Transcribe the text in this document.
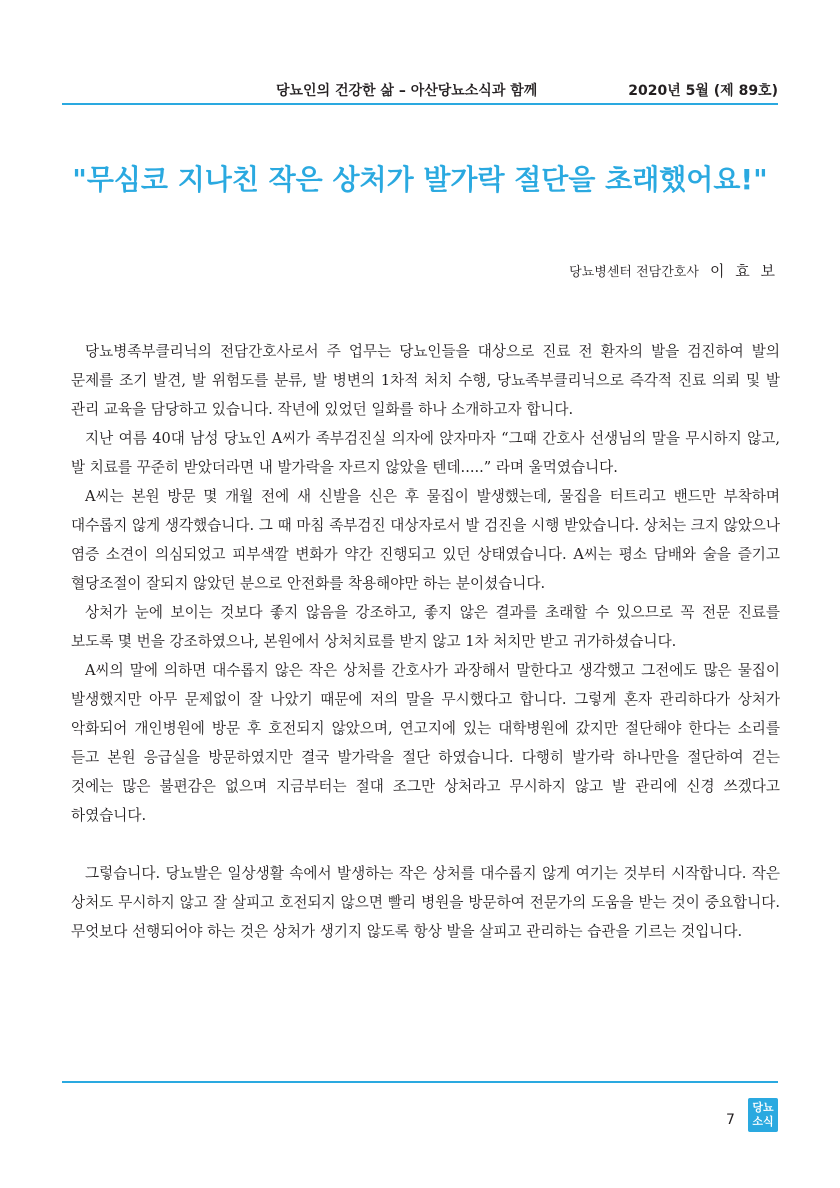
당뇨인의 건강한 삶 – 아산당뇨소식과 함께	2020년 5월 (제 89호)
"무심코 지나친 작은 상처가 발가락 절단을 초래했어요!"
당뇨병센터 전담간호사 이 효 보

당뇨병족부클리닉의 전담간호사로서 주 업무는 당뇨인들을 대상으로 진료 전 환자의 발을 검진하여 발의 문제를 조기 발견, 발 위험도를 분류, 발 병변의 1차적 처치 수행, 당뇨족부클리닉으로 즉각적 진료 의뢰 및 발 관리 교육을 담당하고 있습니다. 작년에 있었던 일화를 하나 소개하고자 합니다.

지난 여름 40대 남성 당뇨인 A씨가 족부검진실 의자에 앉자마자 “그때 간호사 선생님의 말을 무시하지 않고, 발 치료를 꾸준히 받았더라면 내 발가락을 자르지 않았을 텐데.....” 라며 울먹였습니다.

A씨는 본원 방문 몇 개월 전에 새 신발을 신은 후 물집이 발생했는데, 물집을 터트리고 밴드만 부착하며 대수롭지 않게 생각했습니다. 그 때 마침 족부검진 대상자로서 발 검진을 시행 받았습니다. 상처는 크지 않았으나 염증 소견이 의심되었고 피부색깔 변화가 약간 진행되고 있던 상태였습니다. A씨는 평소 담배와 술을 즐기고 혈당조절이 잘되지 않았던 분으로 안전화를 착용해야만 하는 분이셨습니다.

상처가 눈에 보이는 것보다 좋지 않음을 강조하고, 좋지 않은 결과를 초래할 수 있으므로 꼭 전문 진료를 보도록 몇 번을 강조하였으나, 본원에서 상처치료를 받지 않고 1차 처치만 받고 귀가하셨습니다.

A씨의 말에 의하면 대수롭지 않은 작은 상처를 간호사가 과장해서 말한다고 생각했고 그전에도 많은 물집이 발생했지만 아무 문제없이 잘 나았기 때문에 저의 말을 무시했다고 합니다. 그렇게 혼자 관리하다가 상처가 악화되어 개인병원에 방문 후 호전되지 않았으며, 연고지에 있는 대학병원에 갔지만 절단해야 한다는 소리를 듣고 본원 응급실을 방문하였지만 결국 발가락을 절단 하였습니다. 다행히 발가락 하나만을 절단하여 걷는 것에는 많은 불편감은 없으며 지금부터는 절대 조그만 상처라고 무시하지 않고 발 관리에 신경 쓰겠다고 하였습니다.

그렇습니다. 당뇨발은 일상생활 속에서 발생하는 작은 상처를 대수롭지 않게 여기는 것부터 시작합니다. 작은 상처도 무시하지 않고 잘 살피고 호전되지 않으면 빨리 병원을 방문하여 전문가의 도움을 받는 것이 중요합니다. 무엇보다 선행되어야 하는 것은 상처가 생기지 않도록 항상 발을 살피고 관리하는 습관을 기르는 것입니다.

7
당뇨
소식
